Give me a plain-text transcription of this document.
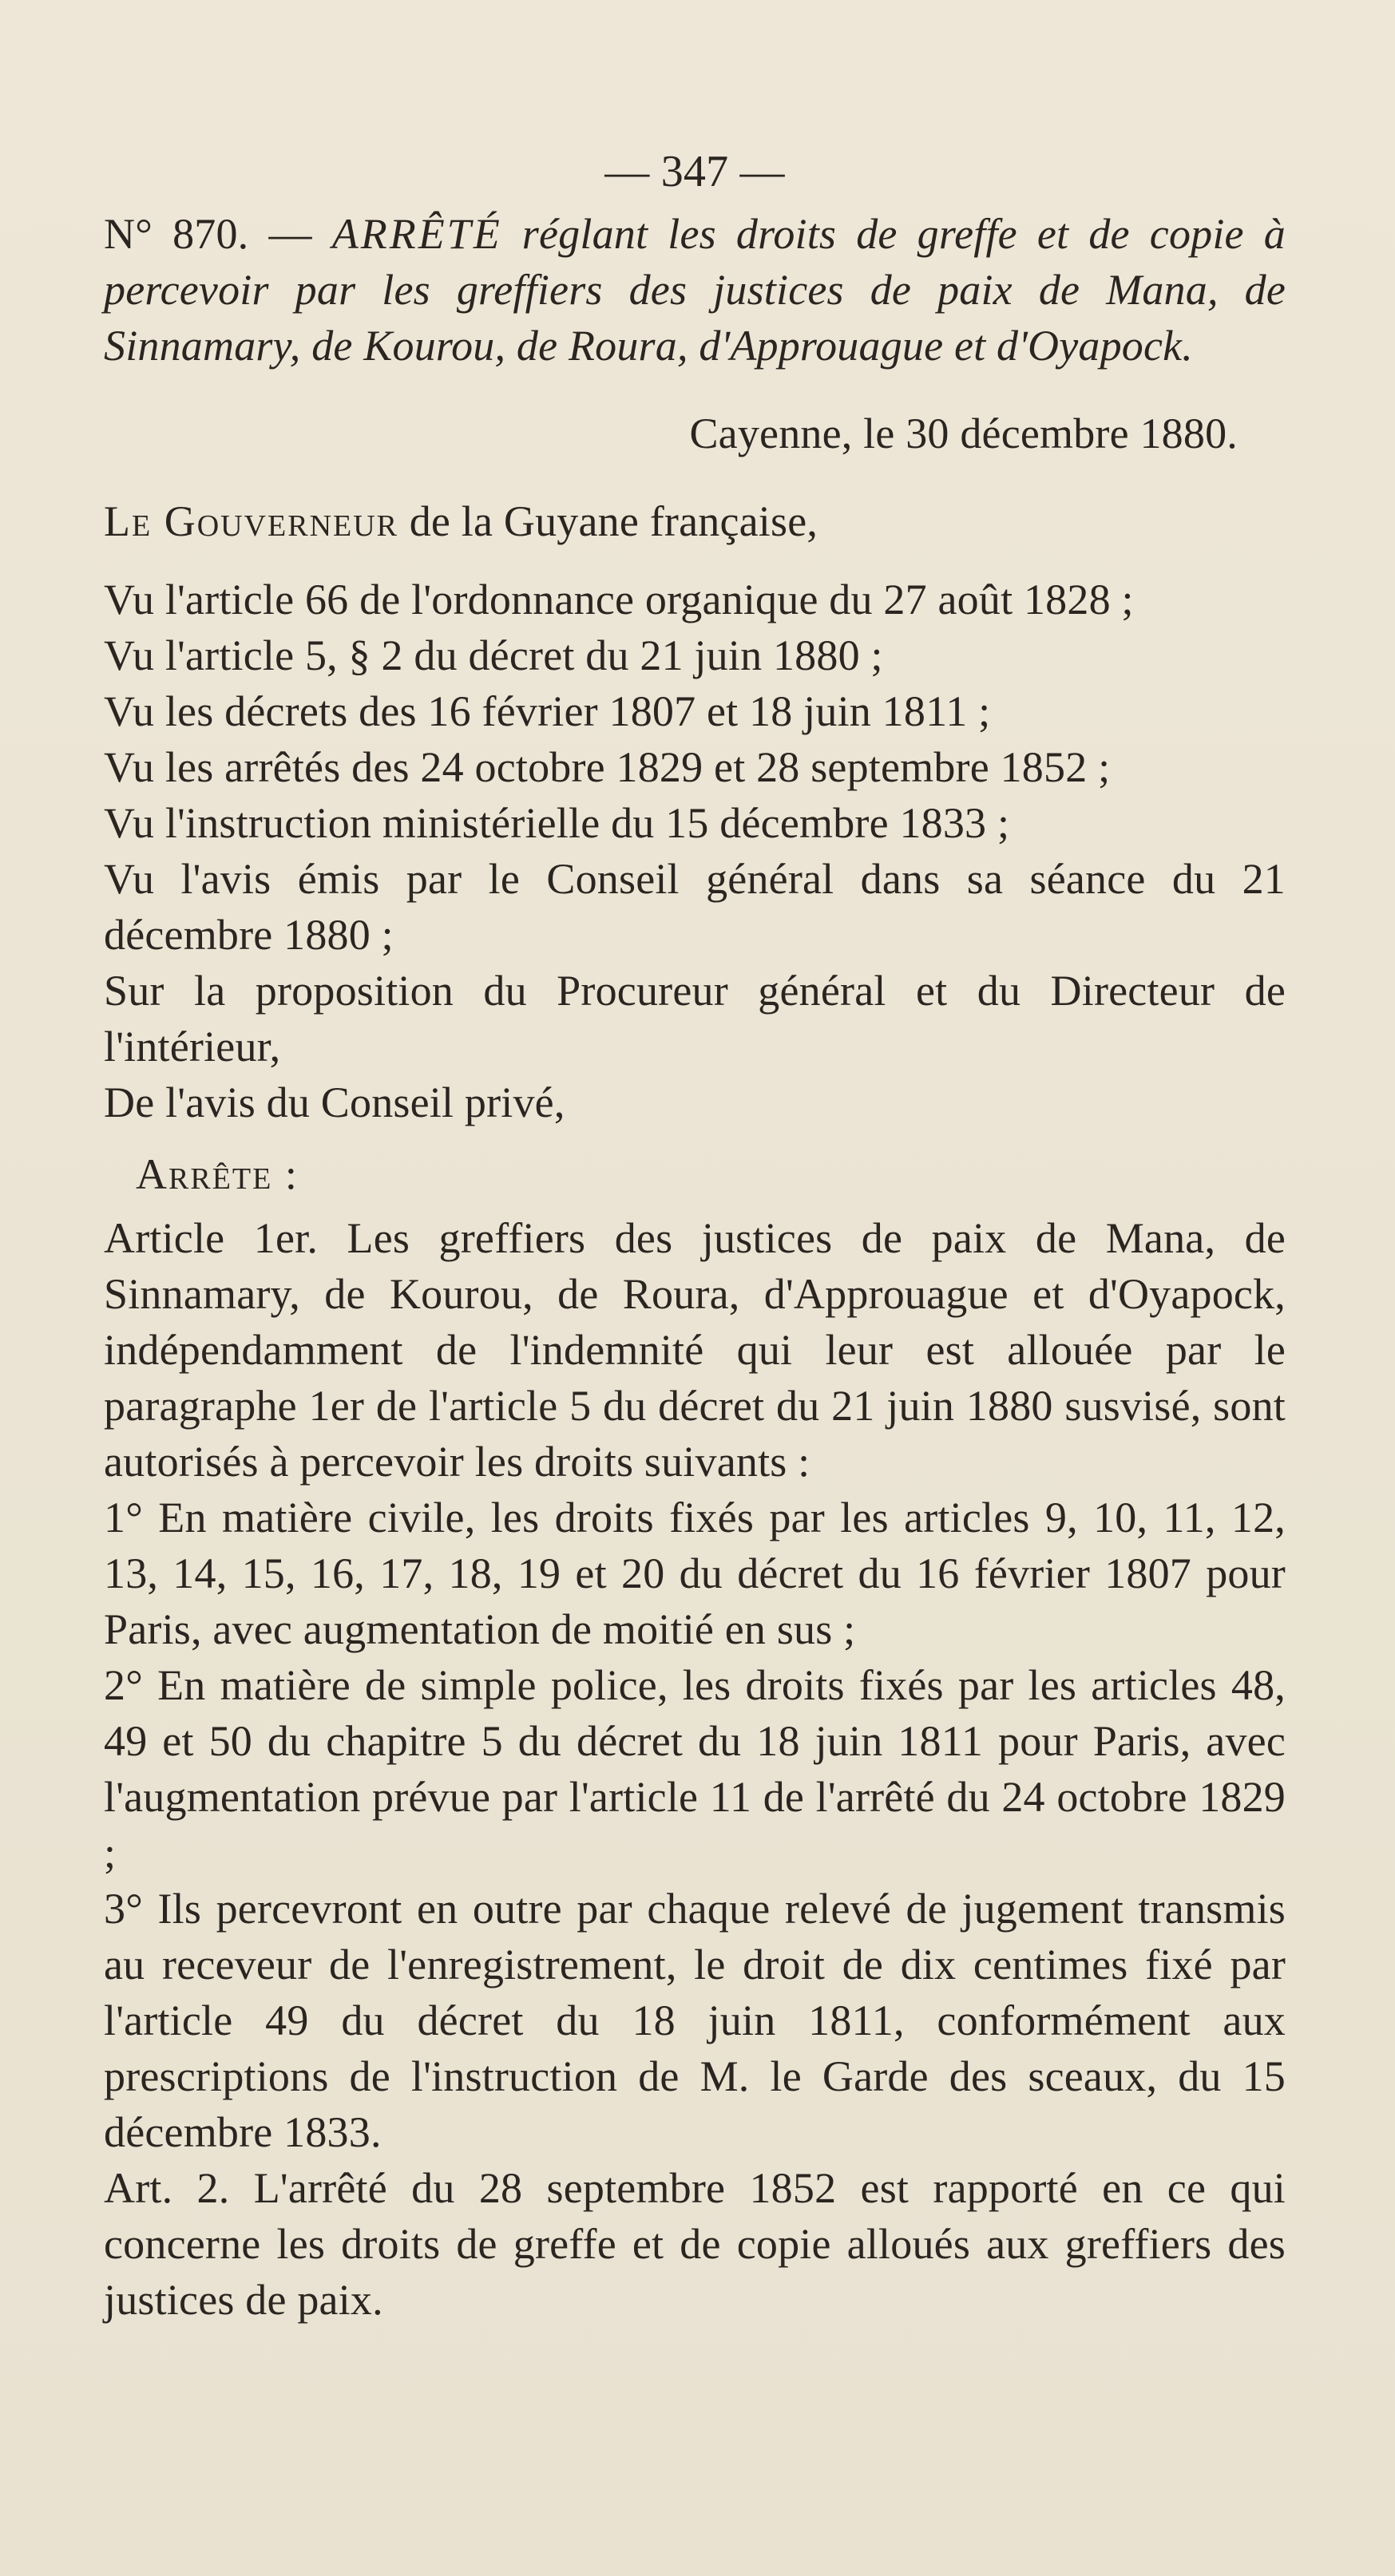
— 347 —
N° 870. — ARRÊTÉ réglant les droits de greffe et de copie à percevoir par les greffiers des justices de paix de Mana, de Sinnamary, de Kourou, de Roura, d'Approuague et d'Oyapock.
Cayenne, le 30 décembre 1880.

Le Gouverneur de la Guyane française,

Vu l'article 66 de l'ordonnance organique du 27 août 1828 ;

Vu l'article 5, § 2 du décret du 21 juin 1880 ;

Vu les décrets des 16 février 1807 et 18 juin 1811 ;

Vu les arrêtés des 24 octobre 1829 et 28 septembre 1852 ;

Vu l'instruction ministérielle du 15 décembre 1833 ;

Vu l'avis émis par le Conseil général dans sa séance du 21 décembre 1880 ;

Sur la proposition du Procureur général et du Directeur de l'intérieur,

De l'avis du Conseil privé,

Arrête :

Article 1er. Les greffiers des justices de paix de Mana, de Sinnamary, de Kourou, de Roura, d'Approuague et d'Oyapock, indépendamment de l'indemnité qui leur est allouée par le paragraphe 1er de l'article 5 du décret du 21 juin 1880 susvisé, sont autorisés à percevoir les droits suivants :

1° En matière civile, les droits fixés par les articles 9, 10, 11, 12, 13, 14, 15, 16, 17, 18, 19 et 20 du décret du 16 février 1807 pour Paris, avec augmentation de moitié en sus ;

2° En matière de simple police, les droits fixés par les articles 48, 49 et 50 du chapitre 5 du décret du 18 juin 1811 pour Paris, avec l'augmentation prévue par l'article 11 de l'arrêté du 24 octobre 1829 ;

3° Ils percevront en outre par chaque relevé de jugement transmis au receveur de l'enregistrement, le droit de dix centimes fixé par l'article 49 du décret du 18 juin 1811, conformément aux prescriptions de l'instruction de M. le Garde des sceaux, du 15 décembre 1833.

Art. 2. L'arrêté du 28 septembre 1852 est rapporté en ce qui concerne les droits de greffe et de copie alloués aux greffiers des justices de paix.
